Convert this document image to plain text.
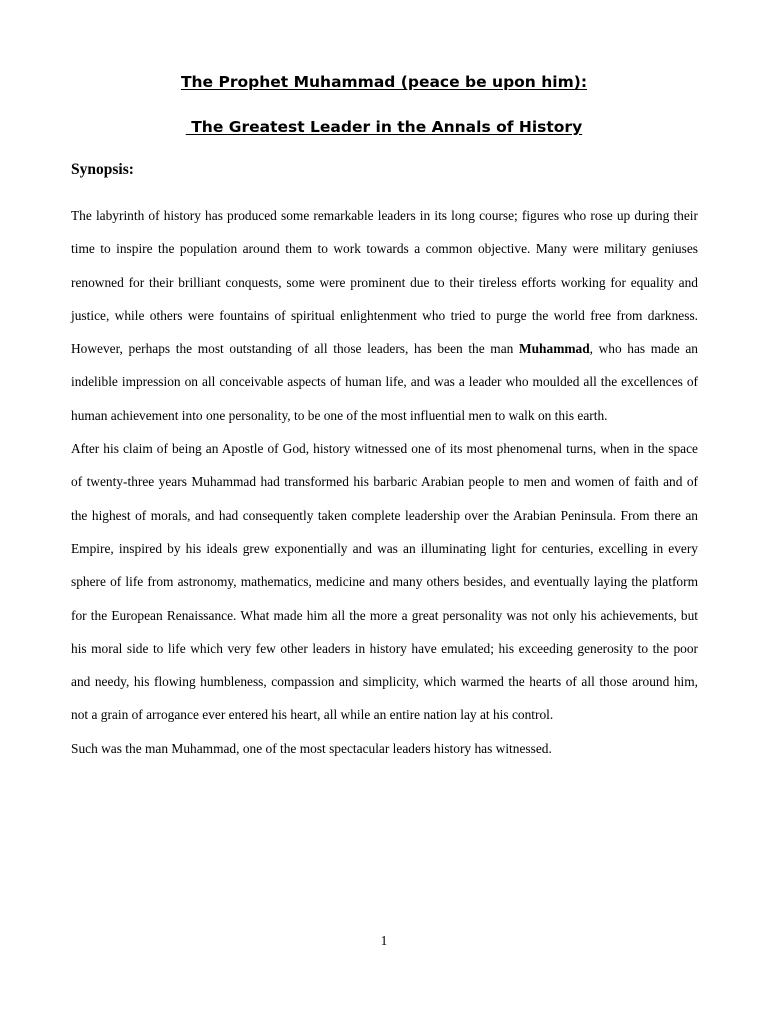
The Prophet Muhammad (peace be upon him):
The Greatest Leader in the Annals of History
Synopsis:

The labyrinth of history has produced some remarkable leaders in its long course; figures who rose up during their time to inspire the population around them to work towards a common objective. Many were military geniuses renowned for their brilliant conquests, some were prominent due to their tireless efforts working for equality and justice, while others were fountains of spiritual enlightenment who tried to purge the world free from darkness. However, perhaps the most outstanding of all those leaders, has been the man Muhammad, who has made an indelible impression on all conceivable aspects of human life, and was a leader who moulded all the excellences of human achievement into one personality, to be one of the most influential men to walk on this earth.

After his claim of being an Apostle of God, history witnessed one of its most phenomenal turns, when in the space of twenty-three years Muhammad had transformed his barbaric Arabian people to men and women of faith and of the highest of morals, and had consequently taken complete leadership over the Arabian Peninsula. From there an Empire, inspired by his ideals grew exponentially and was an illuminating light for centuries, excelling in every sphere of life from astronomy, mathematics, medicine and many others besides, and eventually laying the platform for the European Renaissance. What made him all the more a great personality was not only his achievements, but his moral side to life which very few other leaders in history have emulated; his exceeding generosity to the poor and needy, his flowing humbleness, compassion and simplicity, which warmed the hearts of all those around him, not a grain of arrogance ever entered his heart, all while an entire nation lay at his control.

Such was the man Muhammad, one of the most spectacular leaders history has witnessed.

1
